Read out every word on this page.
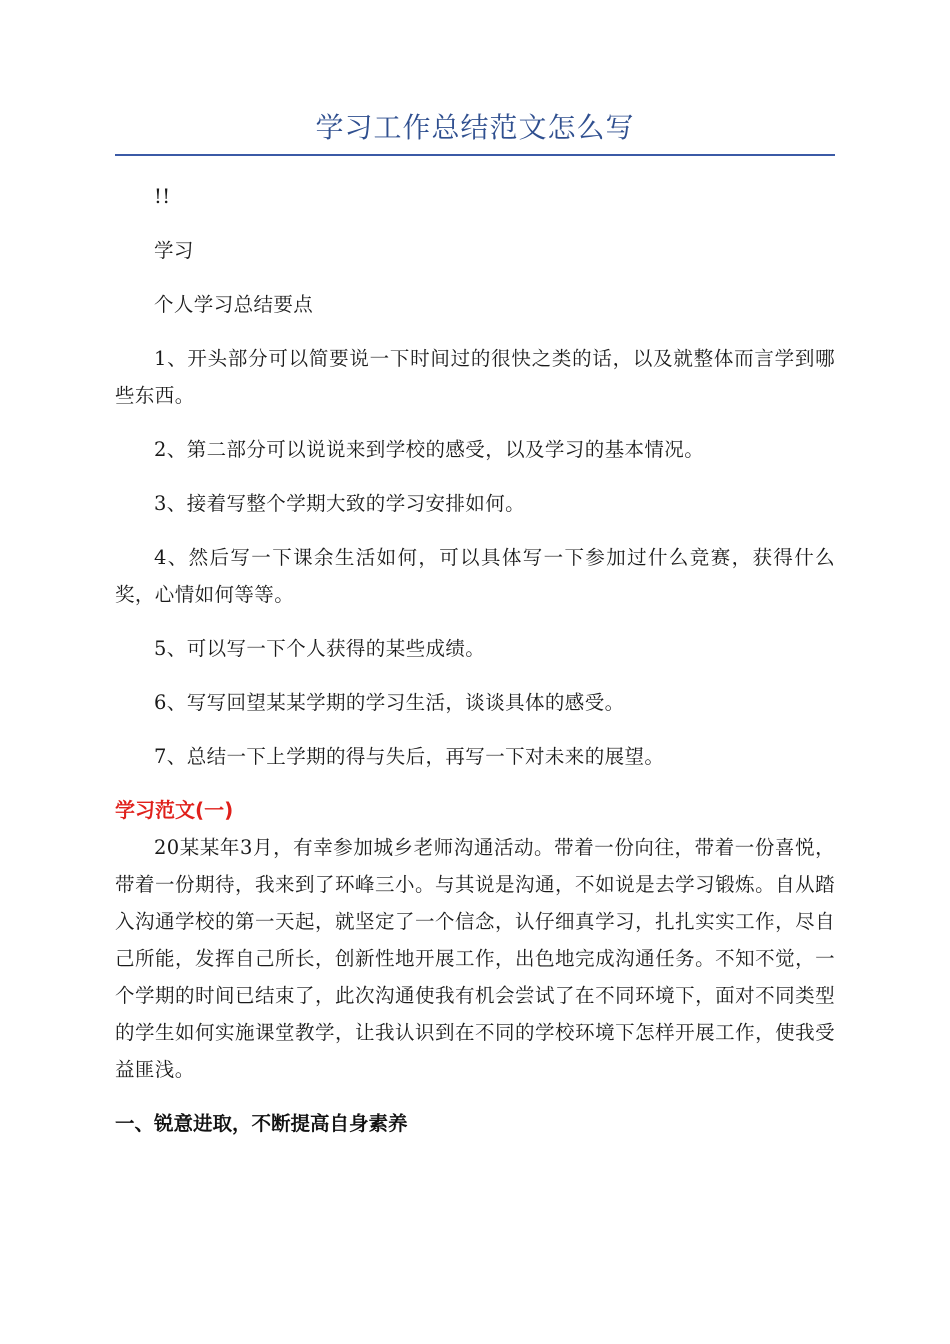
学习工作总结范文怎么写

!!

学习

个人学习总结要点

1、开头部分可以简要说一下时间过的很快之类的话，以及就整体而言学到哪些东西。

2、第二部分可以说说来到学校的感受，以及学习的基本情况。

3、接着写整个学期大致的学习安排如何。

4、然后写一下课余生活如何，可以具体写一下参加过什么竞赛，获得什么奖，心情如何等等。

5、可以写一下个人获得的某些成绩。

6、写写回望某某学期的学习生活，谈谈具体的感受。

7、总结一下上学期的得与失后，再写一下对未来的展望。

学习范文(一)

20某某年3月，有幸参加城乡老师沟通活动。带着一份向往，带着一份喜悦，带着一份期待，我来到了环峰三小。与其说是沟通，不如说是去学习锻炼。自从踏入沟通学校的第一天起，就坚定了一个信念，认仔细真学习，扎扎实实工作，尽自己所能，发挥自己所长，创新性地开展工作，出色地完成沟通任务。不知不觉，一个学期的时间已结束了，此次沟通使我有机会尝试了在不同环境下，面对不同类型的学生如何实施课堂教学，让我认识到在不同的学校环境下怎样开展工作，使我受益匪浅。

一、锐意进取，不断提高自身素养
